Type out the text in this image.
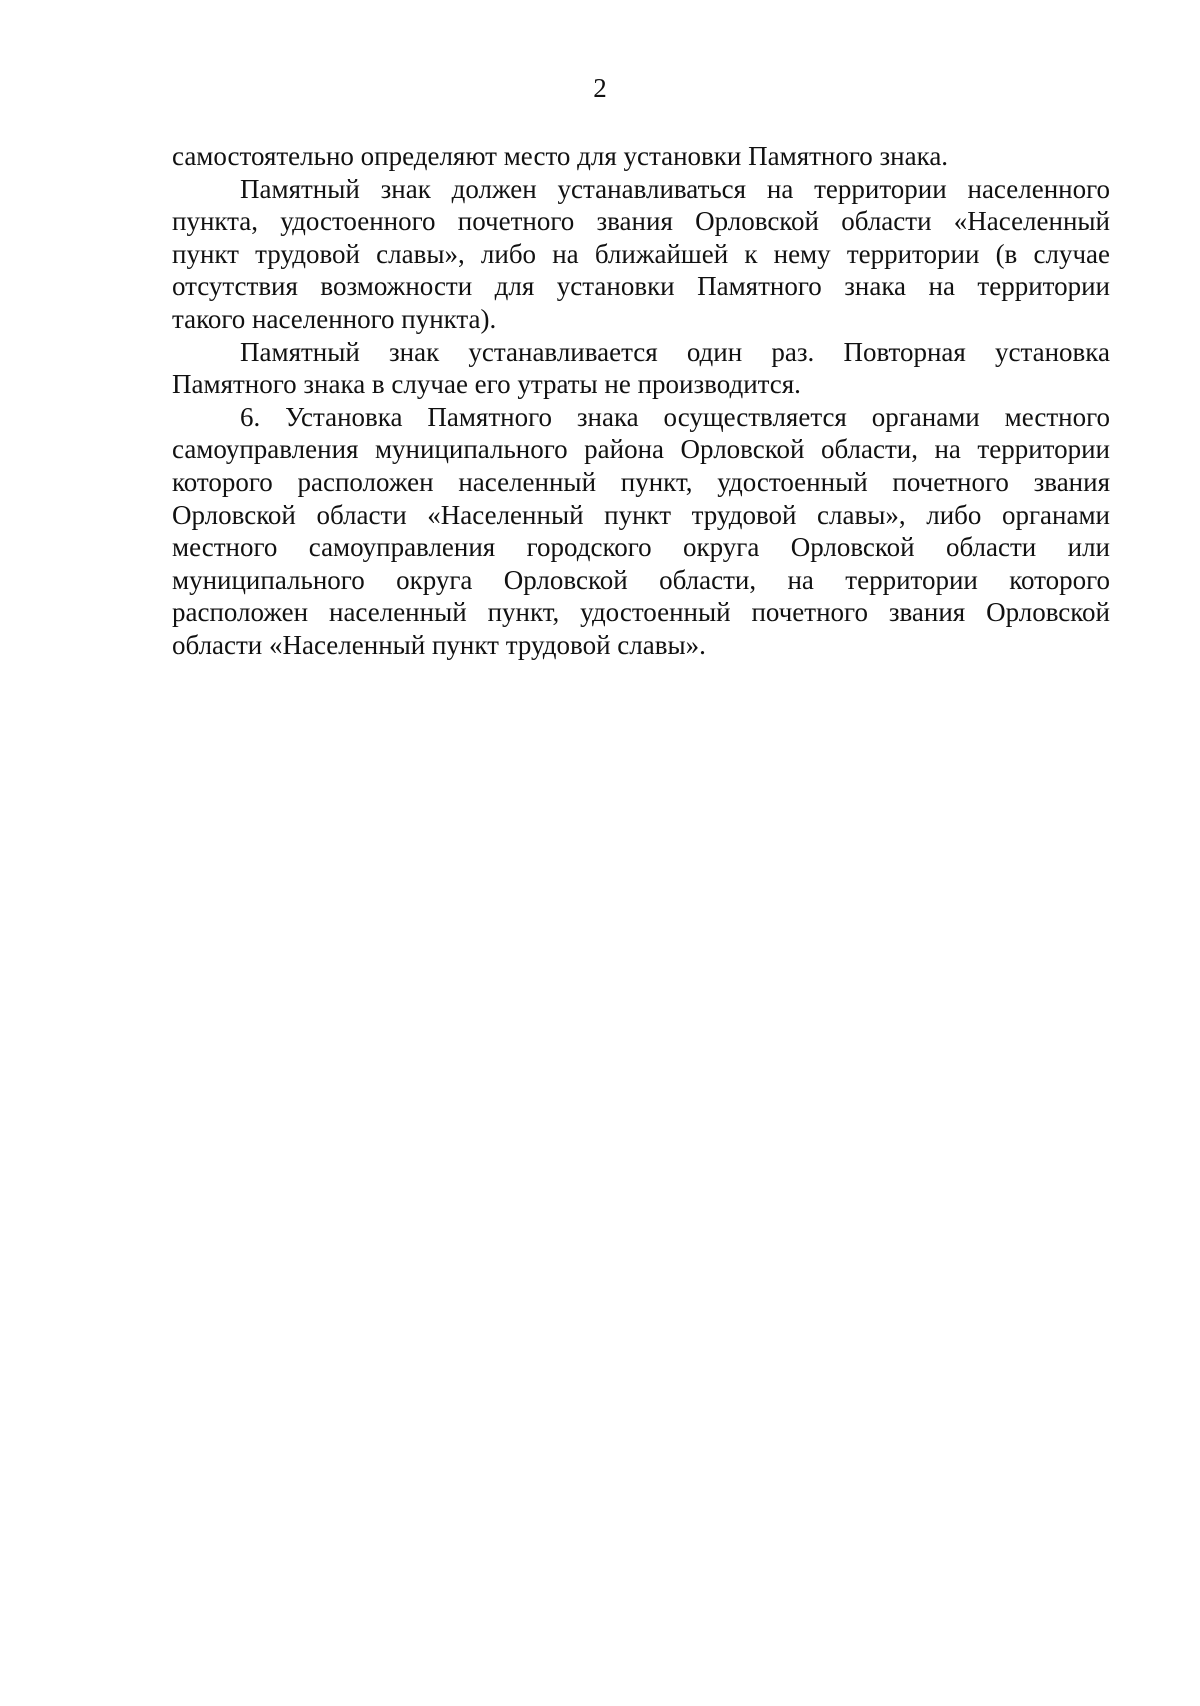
2

самостоятельно определяют место для установки Памятного знака.

Памятный знак должен устанавливаться на территории населенного
пункта, удостоенного почетного звания Орловской области «Населенный
пункт трудовой славы», либо на ближайшей к нему территории (в случае
отсутствия возможности для установки Памятного знака на территории
такого населенного пункта).

Памятный знак устанавливается один раз. Повторная установка
Памятного знака в случае его утраты не производится.

6. Установка Памятного знака осуществляется органами местного
самоуправления муниципального района Орловской области, на территории
которого расположен населенный пункт, удостоенный почетного звания
Орловской области «Населенный пункт трудовой славы», либо органами
местного самоуправления городского округа Орловской области или
муниципального округа Орловской области, на территории которого
расположен населенный пункт, удостоенный почетного звания Орловской
области «Населенный пункт трудовой славы».
